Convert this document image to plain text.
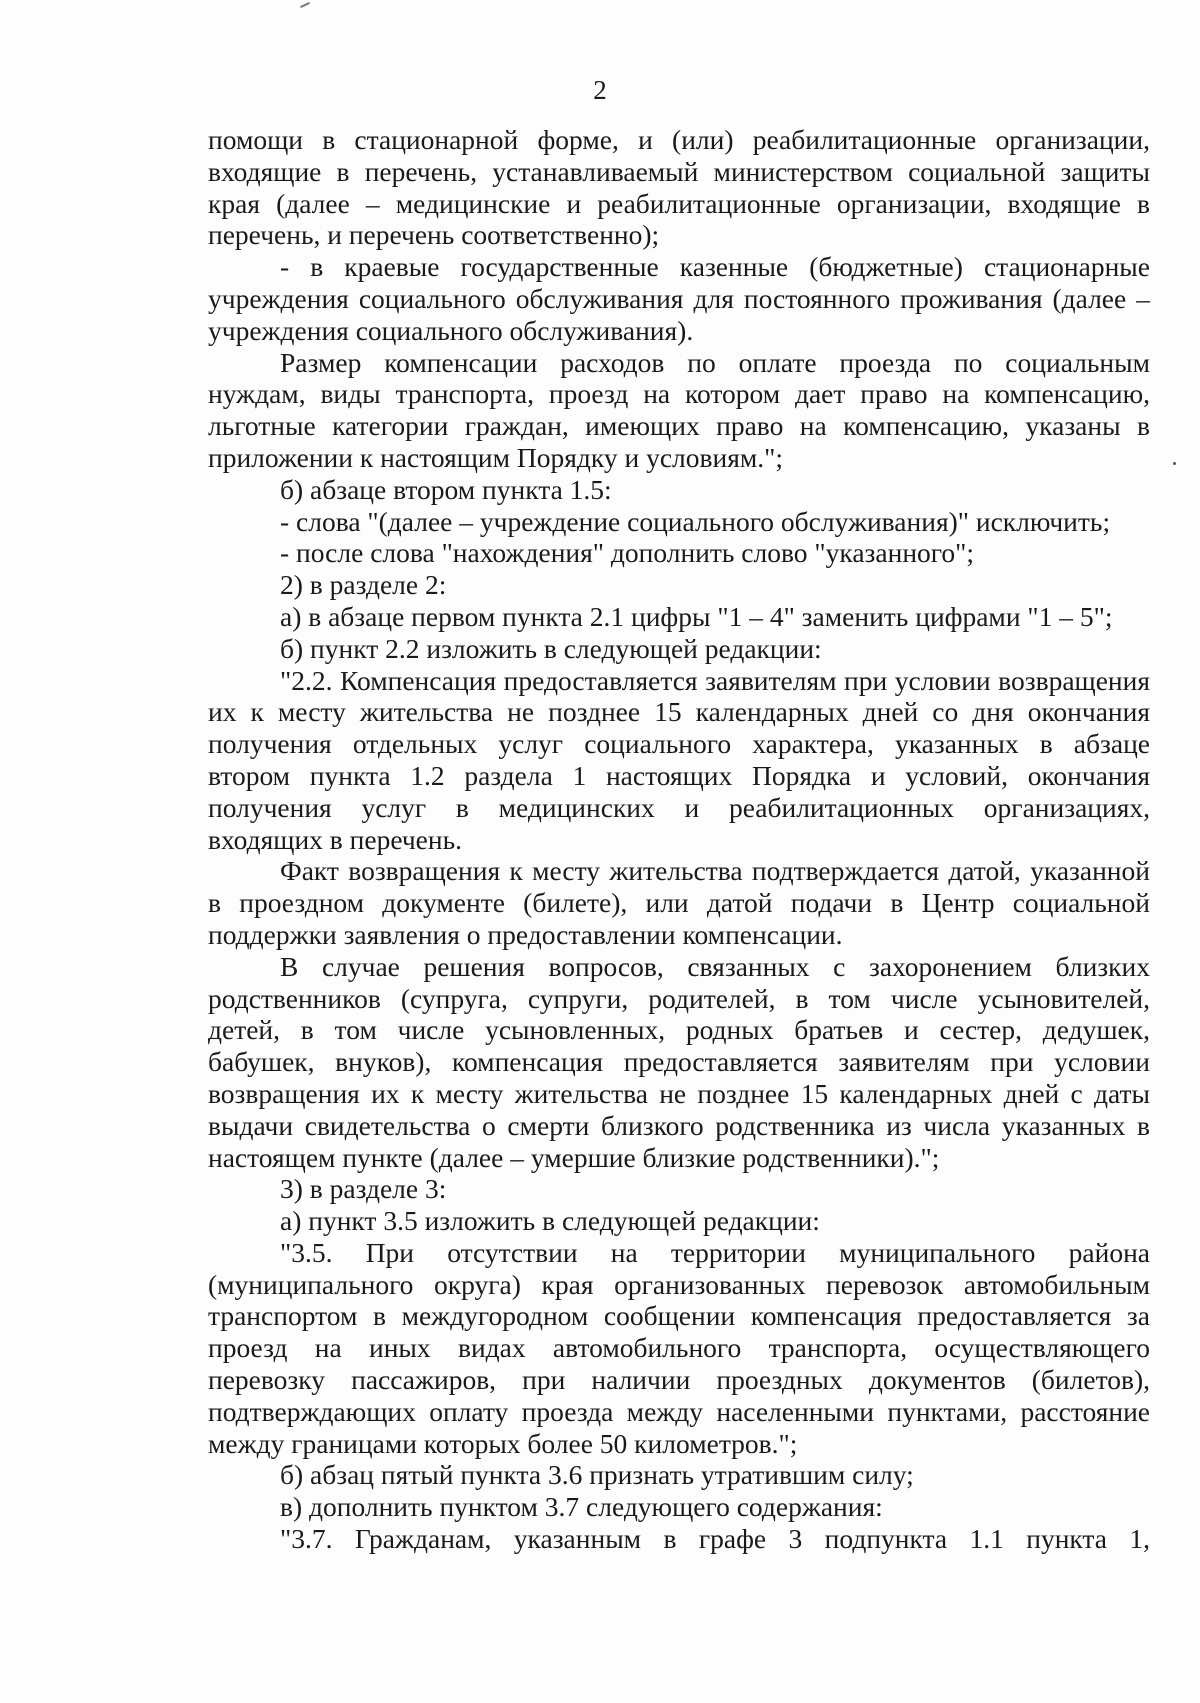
2

помощи в стационарной форме, и (или) реабилитационные организации,

входящие в перечень, устанавливаемый министерством социальной защиты

края (далее – медицинские и реабилитационные организации, входящие в

перечень, и перечень соответственно);

- в краевые государственные казенные (бюджетные) стационарные

учреждения социального обслуживания для постоянного проживания (далее –

учреждения социального обслуживания).

Размер компенсации расходов по оплате проезда по социальным

нуждам, виды транспорта, проезд на котором дает право на компенсацию,

льготные категории граждан, имеющих право на компенсацию, указаны в

приложении к настоящим Порядку и условиям.";

б) абзаце втором пункта 1.5:

- слова "(далее – учреждение социального обслуживания)" исключить;

- после слова "нахождения" дополнить слово "указанного";

2) в разделе 2:

а) в абзаце первом пункта 2.1 цифры "1 – 4" заменить цифрами "1 – 5";

б) пункт 2.2 изложить в следующей редакции:

"2.2. Компенсация предоставляется заявителям при условии возвращения

их к месту жительства не позднее 15 календарных дней со дня окончания

получения отдельных услуг социального характера, указанных в абзаце

втором пункта 1.2 раздела 1 настоящих Порядка и условий, окончания

получения услуг в медицинских и реабилитационных организациях,

входящих в перечень.

Факт возвращения к месту жительства подтверждается датой, указанной

в проездном документе (билете), или датой подачи в Центр социальной

поддержки заявления о предоставлении компенсации.

В случае решения вопросов, связанных с захоронением близких

родственников (супруга, супруги, родителей, в том числе усыновителей,

детей, в том числе усыновленных, родных братьев и сестер, дедушек,

бабушек, внуков), компенсация предоставляется заявителям при условии

возвращения их к месту жительства не позднее 15 календарных дней с даты

выдачи свидетельства о смерти близкого родственника из числа указанных в

настоящем пункте (далее – умершие близкие родственники).";

3) в разделе 3:

а) пункт 3.5 изложить в следующей редакции:

"3.5. При отсутствии на территории муниципального района

(муниципального округа) края организованных перевозок автомобильным

транспортом в междугородном сообщении компенсация предоставляется за

проезд на иных видах автомобильного транспорта, осуществляющего

перевозку пассажиров, при наличии проездных документов (билетов),

подтверждающих оплату проезда между населенными пунктами, расстояние

между границами которых более 50 километров.";

б) абзац пятый пункта 3.6 признать утратившим силу;

в) дополнить пунктом 3.7 следующего содержания:

"3.7. Гражданам, указанным в графе 3 подпункта 1.1 пункта 1,
